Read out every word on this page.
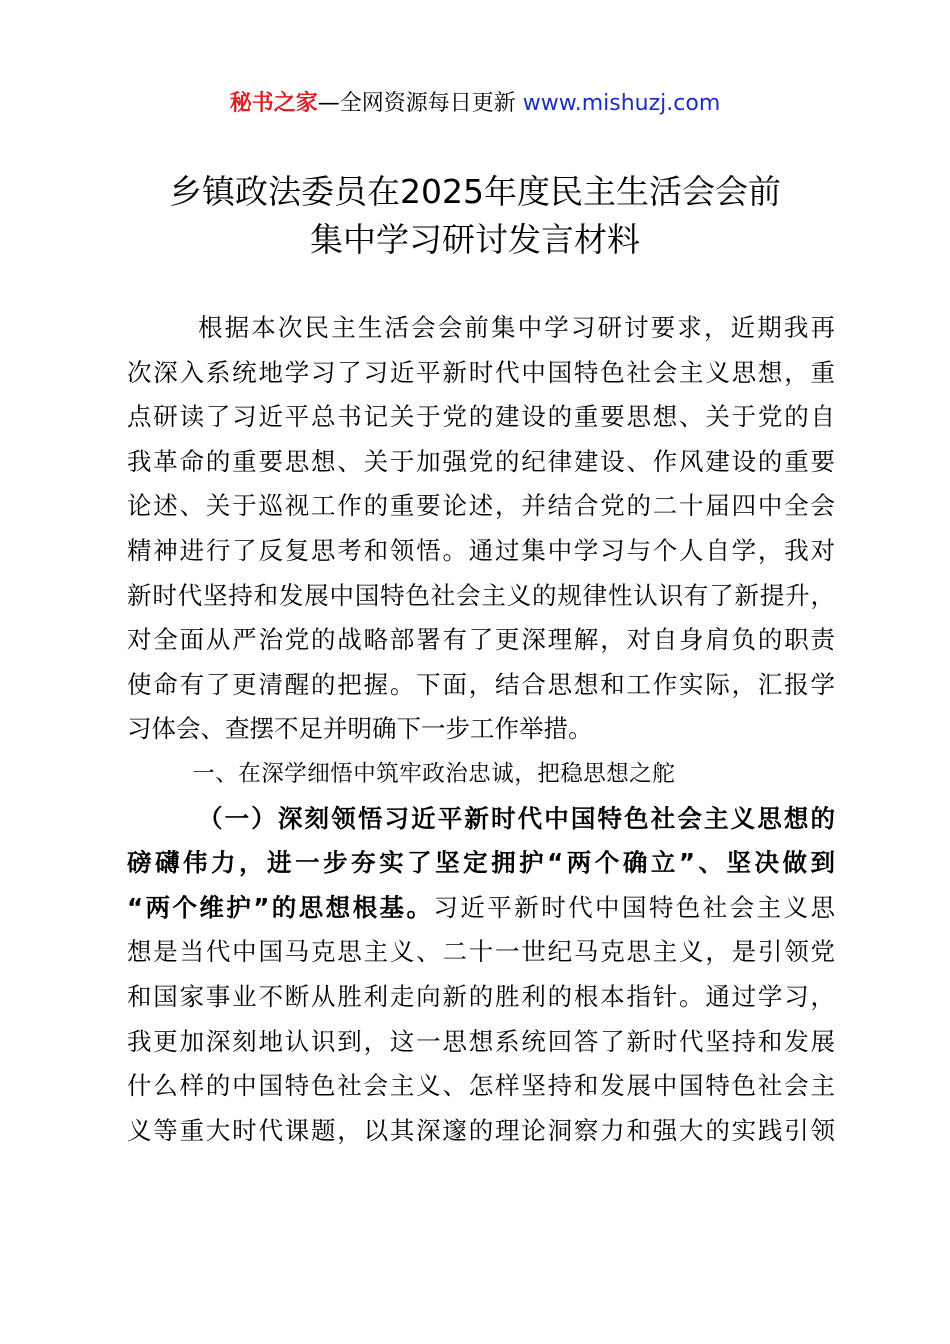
秘书之家—全网资源每日更新 www.mishuzj.com
乡镇政法委员在2025年度民主生活会会前
集中学习研讨发言材料
根据本次民主生活会会前集中学习研讨要求，近期我再
次深入系统地学习了习近平新时代中国特色社会主义思想，重
点研读了习近平总书记关于党的建设的重要思想、关于党的自
我革命的重要思想、关于加强党的纪律建设、作风建设的重要
论述、关于巡视工作的重要论述，并结合党的二十届四中全会
精神进行了反复思考和领悟。通过集中学习与个人自学，我对
新时代坚持和发展中国特色社会主义的规律性认识有了新提升，
对全面从严治党的战略部署有了更深理解，对自身肩负的职责
使命有了更清醒的把握。下面，结合思想和工作实际，汇报学
习体会、查摆不足并明确下一步工作举措。
一、在深学细悟中筑牢政治忠诚，把稳思想之舵
（一）深刻领悟习近平新时代中国特色社会主义思想的
磅礴伟力，进一步夯实了坚定拥护“两个确立”、坚决做到
“两个维护”的思想根基。习近平新时代中国特色社会主义思
想是当代中国马克思主义、二十一世纪马克思主义，是引领党
和国家事业不断从胜利走向新的胜利的根本指针。通过学习，
我更加深刻地认识到，这一思想系统回答了新时代坚持和发展
什么样的中国特色社会主义、怎样坚持和发展中国特色社会主
义等重大时代课题，以其深邃的理论洞察力和强大的实践引领
